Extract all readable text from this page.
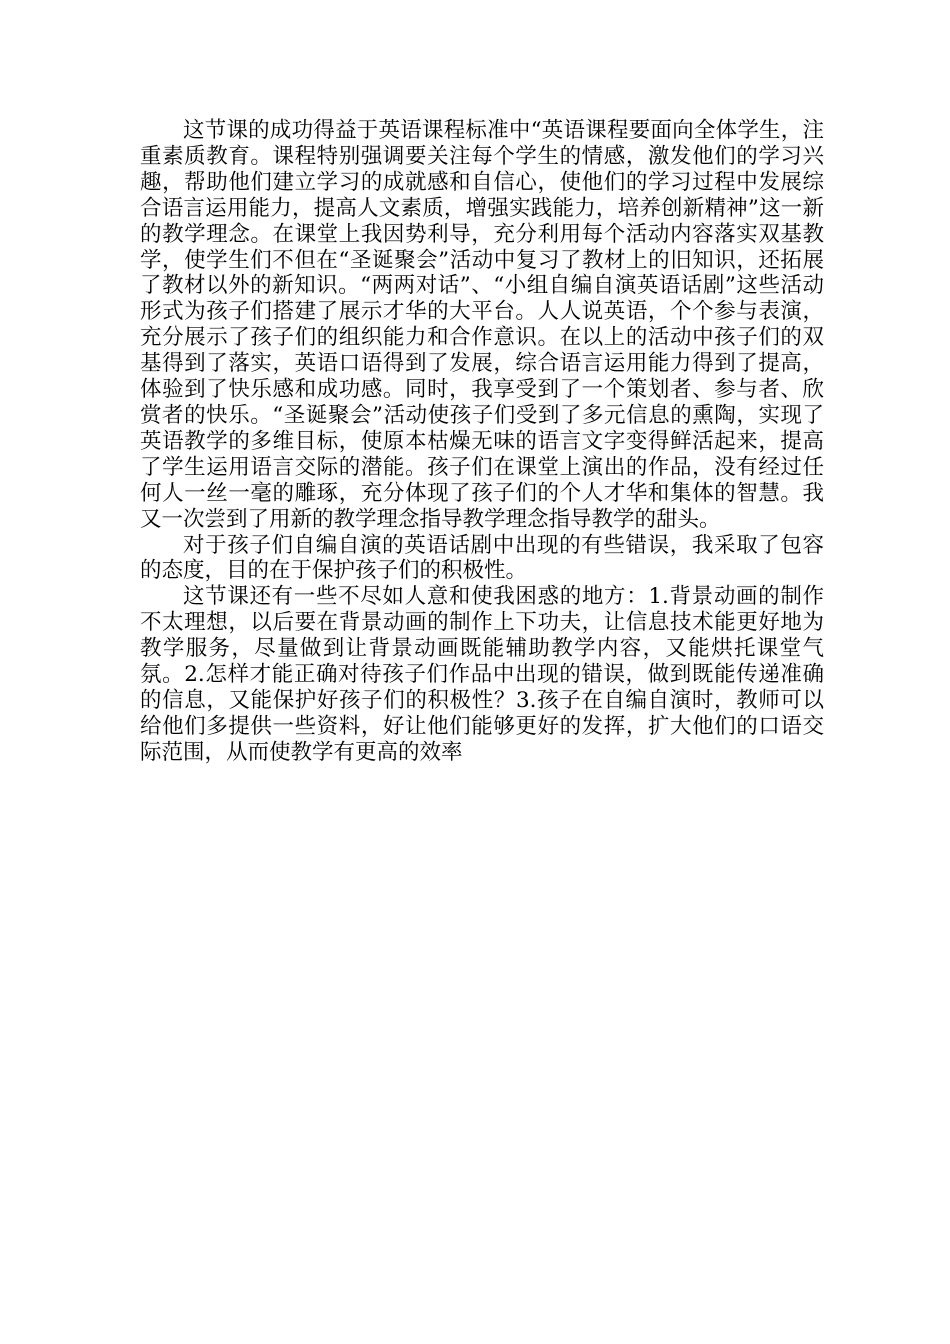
这节课的成功得益于英语课程标准中“英语课程要面向全体学生，注重素质教育。课程特别强调要关注每个学生的情感，激发他们的学习兴趣，帮助他们建立学习的成就感和自信心，使他们的学习过程中发展综合语言运用能力，提高人文素质，增强实践能力，培养创新精神”这一新的教学理念。在课堂上我因势利导，充分利用每个活动内容落实双基教学，使学生们不但在“圣诞聚会”活动中复习了教材上的旧知识，还拓展了教材以外的新知识。“两两对话”、“小组自编自演英语话剧”这些活动形式为孩子们搭建了展示才华的大平台。人人说英语，个个参与表演，充分展示了孩子们的组织能力和合作意识。在以上的活动中孩子们的双基得到了落实，英语口语得到了发展，综合语言运用能力得到了提高，体验到了快乐感和成功感。同时，我享受到了一个策划者、参与者、欣赏者的快乐。“圣诞聚会”活动使孩子们受到了多元信息的熏陶，实现了英语教学的多维目标，使原本枯燥无味的语言文字变得鲜活起来，提高了学生运用语言交际的潜能。孩子们在课堂上演出的作品，没有经过任何人一丝一毫的雕琢，充分体现了孩子们的个人才华和集体的智慧。我又一次尝到了用新的教学理念指导教学理念指导教学的甜头。

对于孩子们自编自演的英语话剧中出现的有些错误，我采取了包容的态度，目的在于保护孩子们的积极性。

这节课还有一些不尽如人意和使我困惑的地方：1.背景动画的制作不太理想，以后要在背景动画的制作上下功夫，让信息技术能更好地为教学服务，尽量做到让背景动画既能辅助教学内容，又能烘托课堂气氛。2.怎样才能正确对待孩子们作品中出现的错误，做到既能传递准确的信息，又能保护好孩子们的积极性？3.孩子在自编自演时，教师可以给他们多提供一些资料，好让他们能够更好的发挥，扩大他们的口语交际范围，从而使教学有更高的效率
